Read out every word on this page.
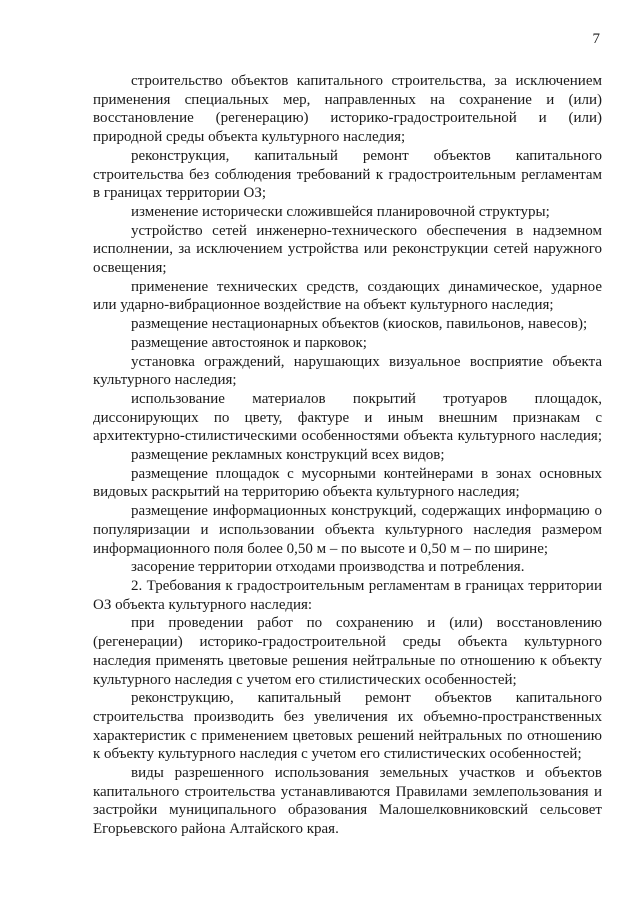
7

строительство объектов капитального строительства, за исключением применения специальных мер, направленных на сохранение и (или) восстановление (регенерацию) историко-градостроительной и (или) природной среды объекта культурного наследия;

реконструкция, капитальный ремонт объектов капитального строительства без соблюдения требований к градостроительным регламентам в границах территории ОЗ;

изменение исторически сложившейся планировочной структуры;

устройство сетей инженерно-технического обеспечения в надземном исполнении, за исключением устройства или реконструкции сетей наружного освещения;

применение технических средств, создающих динамическое, ударное или ударно-вибрационное воздействие на объект культурного наследия;

размещение нестационарных объектов (киосков, павильонов, навесов);

размещение автостоянок и парковок;

установка ограждений, нарушающих визуальное восприятие объекта культурного наследия;

использование материалов покрытий тротуаров площадок, диссонирующих по цвету, фактуре и иным внешним признакам с архитектурно-стилистическими особенностями объекта культурного наследия;

размещение рекламных конструкций всех видов;

размещение площадок с мусорными контейнерами в зонах основных видовых раскрытий на территорию объекта культурного наследия;

размещение информационных конструкций, содержащих информацию о популяризации и использовании объекта культурного наследия размером информационного поля более 0,50 м – по высоте и 0,50 м – по ширине;

засорение территории отходами производства и потребления.

2. Требования к градостроительным регламентам в границах территории ОЗ объекта культурного наследия:

при проведении работ по сохранению и (или) восстановлению (регенерации) историко-градостроительной среды объекта культурного наследия применять цветовые решения нейтральные по отношению к объекту культурного наследия с учетом его стилистических особенностей;

реконструкцию, капитальный ремонт объектов капитального строительства производить без увеличения их объемно-пространственных характеристик с применением цветовых решений нейтральных по отношению к объекту культурного наследия с учетом его стилистических особенностей;

виды разрешенного использования земельных участков и объектов капитального строительства устанавливаются Правилами землепользования и застройки муниципального образования Малошелковниковский сельсовет Егорьевского района Алтайского края.
